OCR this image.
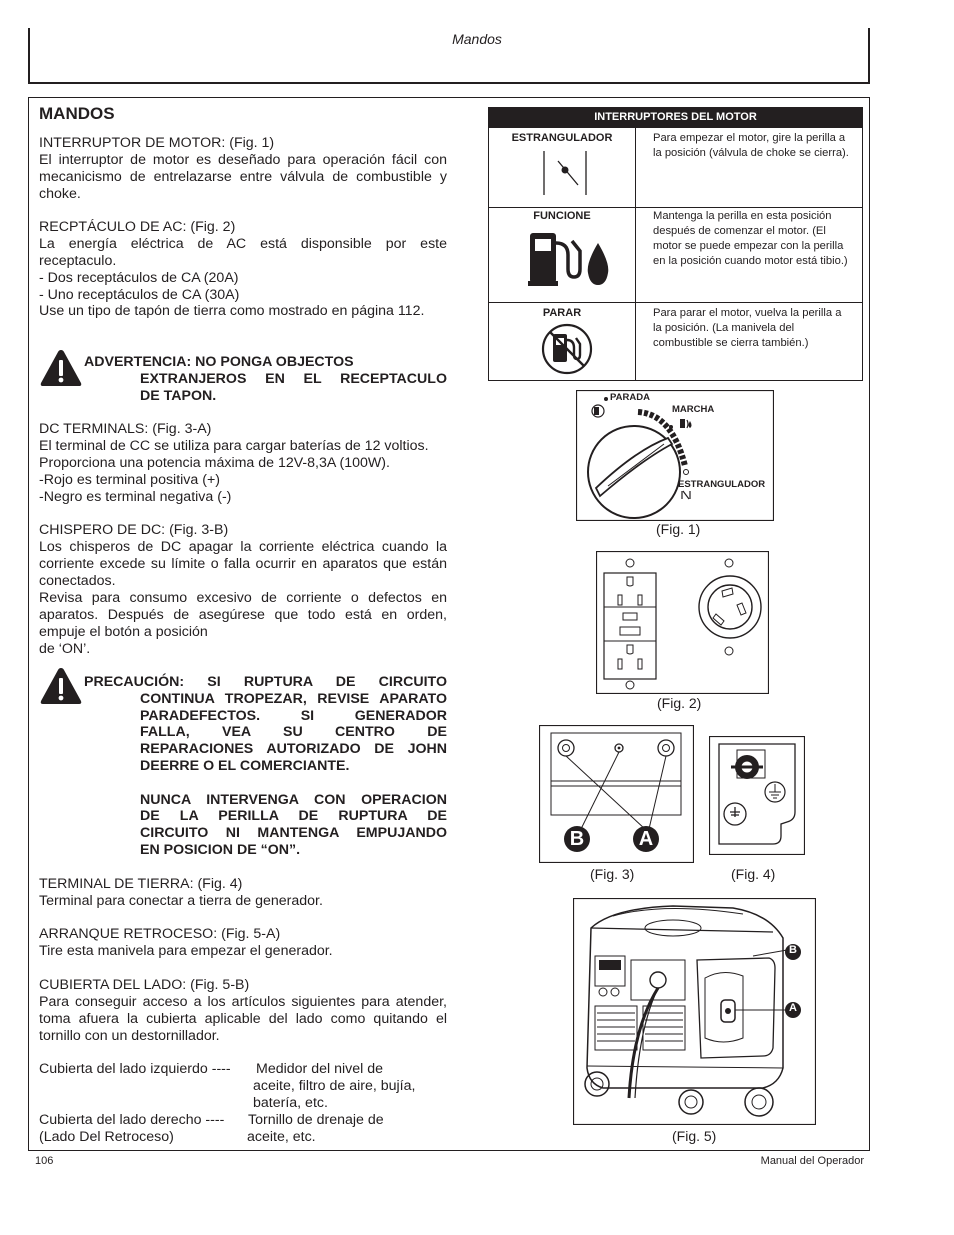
Mandos
MANDOS
INTERRUPTOR DE MOTOR: (Fig. 1)
El interruptor de motor es deseñado para operación fácil con mecanicismo de entrelazarse entre válvula de combustible y choke.
RECPTÁCULO DE AC: (Fig. 2)
La energía eléctrica de AC está disponsible por este receptaculo.
- Dos receptáculos de CA (20A)
- Uno receptáculos de CA (30A)
Use un tipo de tapón de tierra como mostrado en página 112.
ADVERTENCIA: NO PONGA OBJECTOS
EXTRANJEROS EN EL RECEPTACULO
DE TAPON.
DC TERMINALS: (Fig. 3-A)
El terminal de CC se utiliza para cargar baterías de 12 voltios.
Proporciona una potencia máxima de 12V-8,3A (100W).
-Rojo es terminal positiva (+)
-Negro es terminal negativa (-)
CHISPERO DE DC: (Fig. 3-B)
Los chisperos de DC apagar la corriente eléctrica cuando la corriente excede su límite o falla ocurrir en aparatos que están conectados.
Revisa para consumo excesivo de corriente o defectos en aparatos. Después de asegúrese que todo está en orden, empuje el botón a posición
de ‘ON’.
PRECAUCIÓN: SI RUPTURA DE CIRCUITO
CONTINUA TROPEZAR, REVISE APARATO
PARADEFECTOS. SI GENERADOR
FALLA, VEA SU CENTRO DE
REPARACIONES AUTORIZADO DE JOHN
DEERRE O EL COMERCIANTE.
NUNCA INTERVENGA CON OPERACION
DE LA PERILLA DE RUPTURA DE
CIRCUITO NI MANTENGA EMPUJANDO
EN POSICION DE “ON”.
TERMINAL DE TIERRA: (Fig. 4)
Terminal para conectar a tierra de generador.
ARRANQUE RETROCESO: (Fig. 5-A)
Tire esta manivela para empezar el generador.
CUBIERTA DEL LADO: (Fig. 5-B)
Para conseguir acceso a los artículos siguientes para atender, toma afuera la cubierta aplicable del lado como quitando el tornillo con un destornillador.
Cubierta del lado izquierdo ----	Medidor del nivel de
aceite, filtro de aire, bujía,
batería, etc.
Cubierta del lado derecho ----	Tornillo de drenaje de
(Lado Del Retroceso)	aceite, etc.
INTERRUPTORES DEL MOTOR
ESTRANGULADOR	Para empezar el motor, gire la perilla a la posición (válvula de choke se cierra).
FUNCIONE	Mantenga la perilla en esta posición después de comenzar el motor. (El motor se puede empezar con la perilla en la posición cuando motor está tibio.)
PARAR	Para parar el motor, vuelva la perilla a la posición. (La manivela del combustible se cierra también.)
PARADA
MARCHA
ESTRANGULADOR
(Fig. 1)
(Fig. 2)
B	A
(Fig. 3)	(Fig. 4)
B
A
(Fig. 5)
106	Manual del Operador
